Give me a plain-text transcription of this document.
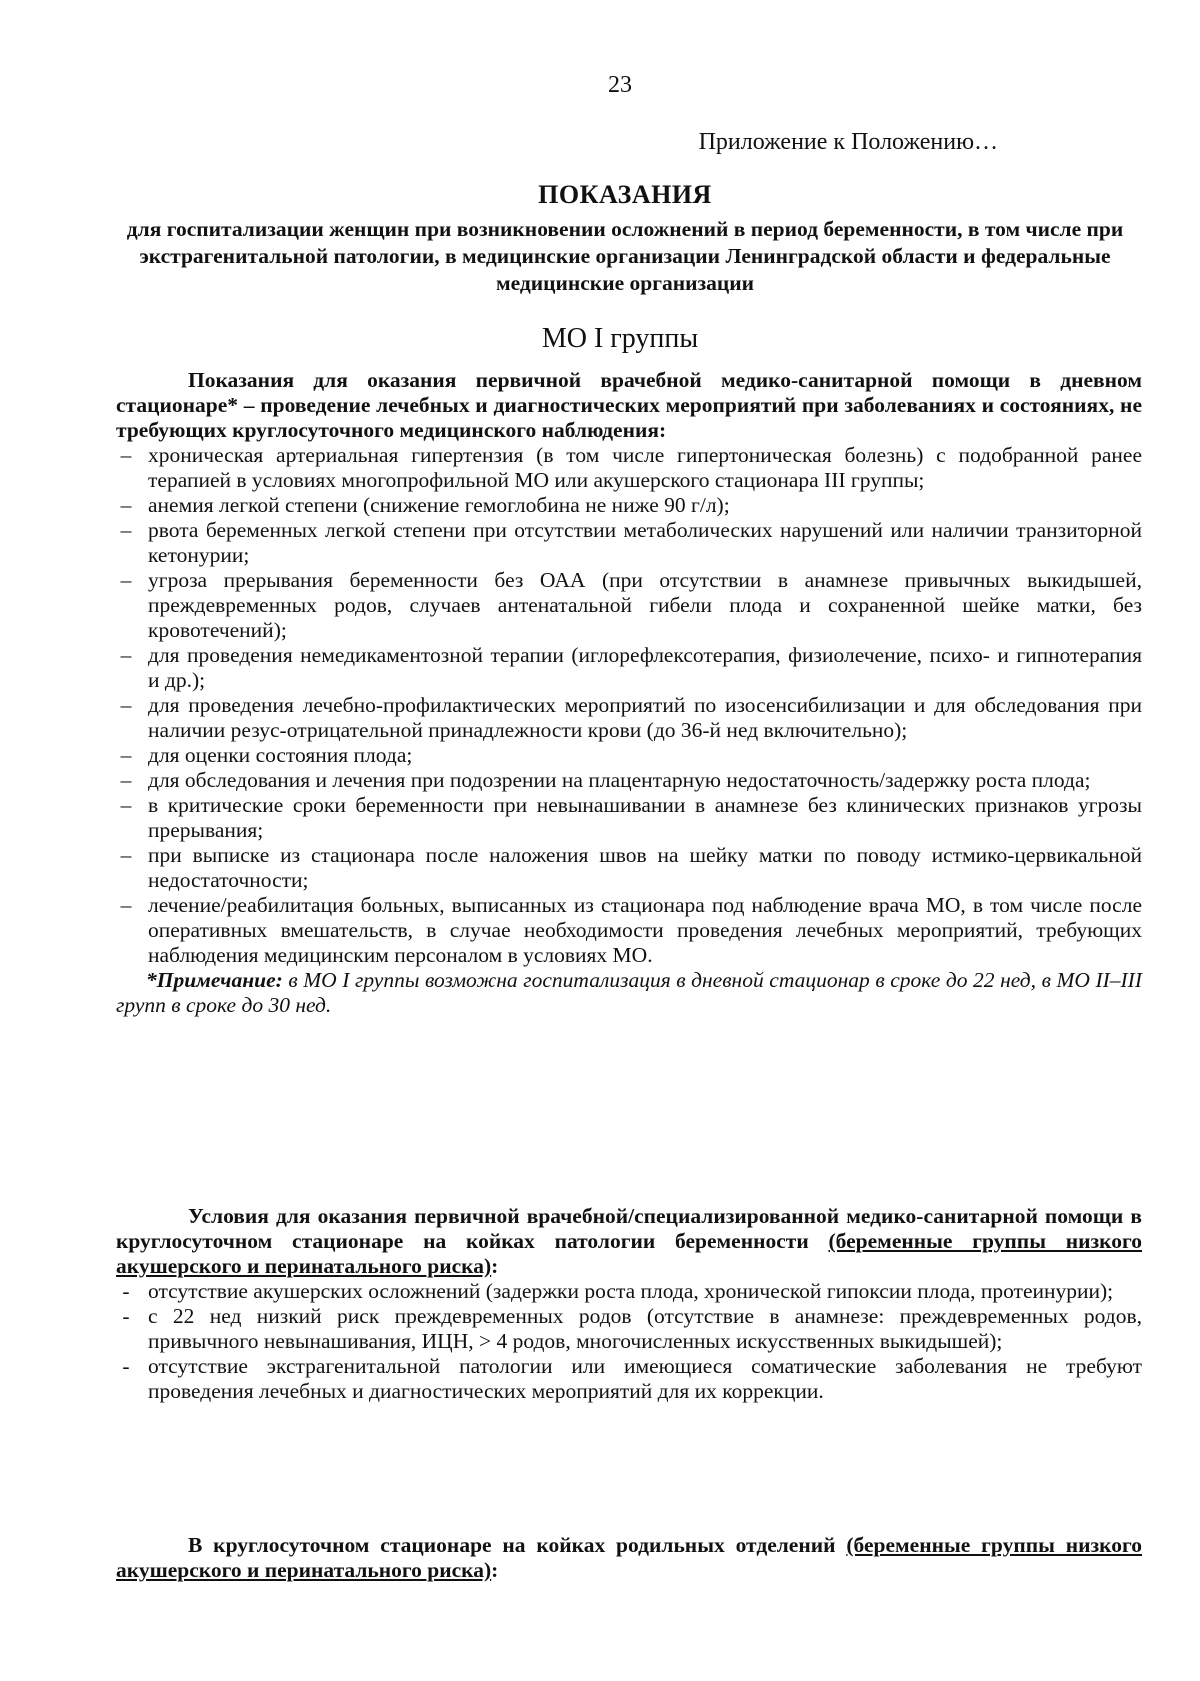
23
Приложение к Положению…

ПОКАЗАНИЯ

для госпитализации женщин при возникновении осложнений в период беременности, в том числе при экстрагенитальной патологии, в медицинские организации Ленинградской области и федеральные медицинские организации

МО I группы

Показания для оказания первичной врачебной медико-санитарной помощи в дневном стационаре* – проведение лечебных и диагностических мероприятий при заболеваниях и состояниях, не требующих круглосуточного медицинского наблюдения:

– хроническая артериальная гипертензия (в том числе гипертоническая болезнь) с подобранной ранее терапией в условиях многопрофильной МО или акушерского стационара III группы;
– анемия легкой степени (снижение гемоглобина не ниже 90 г/л);
– рвота беременных легкой степени при отсутствии метаболических нарушений или наличии транзиторной кетонурии;
– угроза прерывания беременности без ОАА (при отсутствии в анамнезе привычных выкидышей, преждевременных родов, случаев антенатальной гибели плода и сохраненной шейке матки, без кровотечений);
– для проведения немедикаментозной терапии (иглорефлексотерапия, физиолечение, психо- и гипнотерапия и др.);
– для проведения лечебно-профилактических мероприятий по изосенсибилизации и для обследования при наличии резус-отрицательной принадлежности крови (до 36-й нед включительно);
– для оценки состояния плода;
– для обследования и лечения при подозрении на плацентарную недостаточность/задержку роста плода;
– в критические сроки беременности при невынашивании в анамнезе без клинических признаков угрозы прерывания;
– при выписке из стационара после наложения швов на шейку матки по поводу истмико-цервикальной недостаточности;
– лечение/реабилитация больных, выписанных из стационара под наблюдение врача МО, в том числе после оперативных вмешательств, в случае необходимости проведения лечебных мероприятий, требующих наблюдения медицинским персоналом в условиях МО.

*Примечание: в МО I группы возможна госпитализация в дневной стационар в сроке до 22 нед, в МО II–III групп в сроке до 30 нед.

Условия для оказания первичной врачебной/специализированной медико-санитарной помощи в круглосуточном стационаре на койках патологии беременности (беременные группы низкого акушерского и перинатального риска):

- отсутствие акушерских осложнений (задержки роста плода, хронической гипоксии плода, протеинурии);
- с 22 нед низкий риск преждевременных родов (отсутствие в анамнезе: преждевременных родов, привычного невынашивания, ИЦН, > 4 родов, многочисленных искусственных выкидышей);
- отсутствие экстрагенитальной патологии или имеющиеся соматические заболевания не требуют проведения лечебных и диагностических мероприятий для их коррекции.

В круглосуточном стационаре на койках родильных отделений (беременные группы низкого акушерского и перинатального риска):
